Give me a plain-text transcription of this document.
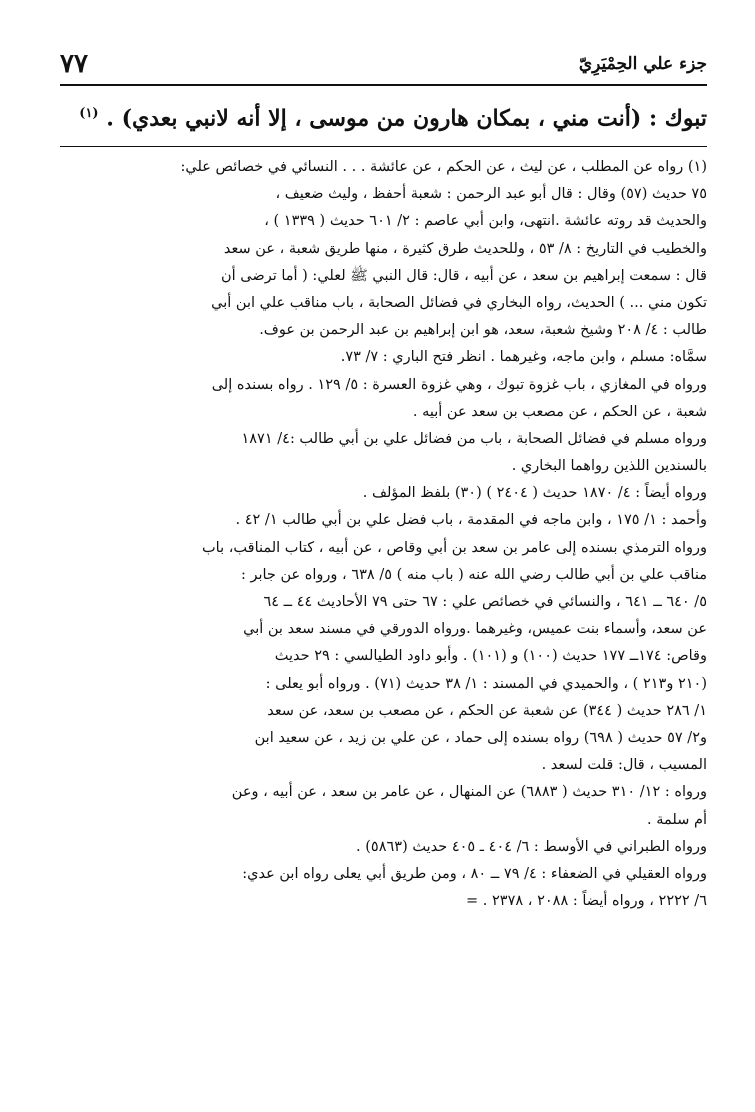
٧٧	جزء علي الحِمْيَرِيّ
تبوك : (أنت مني ، بمكان هارون من موسى ، إلا أنه لانبي بعدي) . $^{(١)}$
(١) رواه عن المطلب ، عن ليث ، عن الحكم ، عن عائشة . . . النسائي في خصائص علي:
٧٥ حديث (٥٧) وقال : قال أبو عبد الرحمن : شعبة أحفظ ، وليث ضعيف ،
والحديث قد روته عائشة .انتهى، وابن أبي عاصم : ٢/ ٦٠١ حديث ( ١٣٣٩ ) ،
والخطيب في التاريخ : ٨/ ٥٣ ، وللحديث طرق كثيرة ، منها طريق شعبة ، عن سعد
قال : سمعت إبراهيم بن سعد ، عن أبيه ، قال: قال النبي ﷺ لعلي: ( أما ترضى أن
تكون مني ... ) الحديث، رواه البخاري في فضائل الصحابة ، باب مناقب علي ابن أبي
طالب : ٤/ ٢٠٨ وشيخ شعبة، سعد، هو ابن إبراهيم بن عبد الرحمن بن عوف.
سمَّاه: مسلم ، وابن ماجه، وغيرهما . انظر فتح الباري : ٧/ ٧٣.
ورواه في المغازي ، باب غزوة تبوك ، وهي غزوة العسرة : ٥/ ١٢٩ . رواه بسنده إلى
شعبة ، عن الحكم ، عن مصعب بن سعد عن أبيه .
ورواه مسلم في فضائل الصحابة ، باب من فضائل علي بن أبي طالب :٤/ ١٨٧١
بالسندين اللذين رواهما البخاري .
ورواه أيضاً : ٤/ ١٨٧٠ حديث ( ٢٤٠٤ ) (٣٠) بلفظ المؤلف .
وأحمد : ١/ ١٧٥ ، وابن ماجه في المقدمة ، باب فضل علي بن أبي طالب ١/ ٤٢ .
ورواه الترمذي بسنده إلى عامر بن سعد بن أبي وقاص ، عن أبيه ، كتاب المناقب، باب
مناقب علي بن أبي طالب رضي الله عنه ( باب منه ) ٥/ ٦٣٨ ، ورواه عن جابر :
٥/ ٦٤٠ ــ ٦٤١ ، والنسائي في خصائص علي : ٦٧ حتى ٧٩ الأحاديث ٤٤ ــ ٦٤
عن سعد، وأسماء بنت عميس، وغيرهما .ورواه الدورقي في مسند سعد بن أبي
وقاص: ١٧٤ــ ١٧٧ حديث (١٠٠) و (١٠١) . وأبو داود الطيالسي : ٢٩ حديث
(٢١٠ و٢١٣ ) ، والحميدي في المسند : ١/ ٣٨ حديث (٧١) . ورواه أبو يعلى :
١/ ٢٨٦ حديث ( ٣٤٤) عن شعبة عن الحكم ، عن مصعب بن سعد، عن سعد
و٢/ ٥٧ حديث ( ٦٩٨) رواه بسنده إلى حماد ، عن علي بن زيد ، عن سعيد ابن
المسيب ، قال: قلت لسعد .
ورواه : ١٢/ ٣١٠ حديث ( ٦٨٨٣) عن المنهال ، عن عامر بن سعد ، عن أبيه ، وعن
أم سلمة .
ورواه الطبراني في الأوسط : ٦/ ٤٠٤ ـ ٤٠٥ حديث (٥٨٦٣) .
ورواه العقيلي في الضعفاء : ٤/ ٧٩ ــ ٨٠ ، ومن طريق أبي يعلى رواه ابن عدي:
٦/ ٢٢٢٢ ، ورواه أيضاً : ٢٠٨٨ ، ٢٣٧٨ . =
